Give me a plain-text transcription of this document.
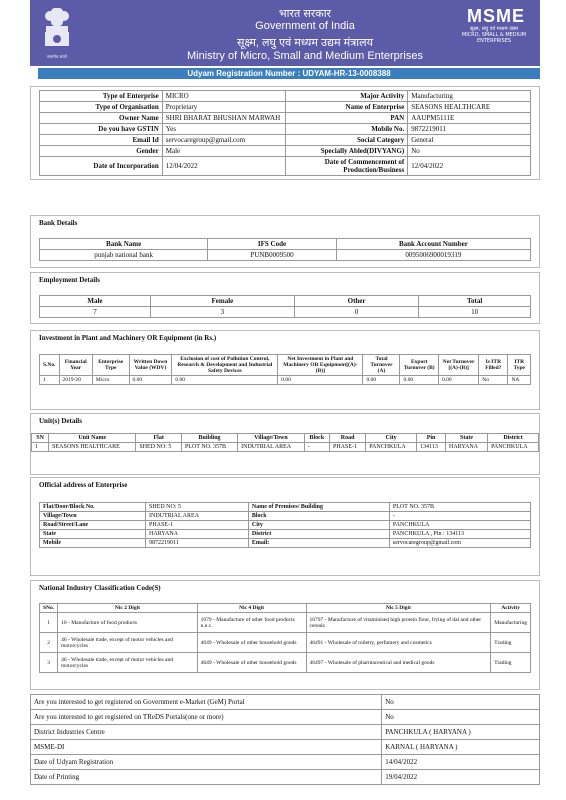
सत्यमेव जयते
भारत सरकार
Government of India
सूक्ष्म, लघु एवं मध्यम उद्यम मंत्रालय
Ministry of Micro, Small and Medium Enterprises
MSME
सूक्ष्म, लघु एवं मध्यम उद्यम
MICRO, SMALL & MEDIUM ENTERPRISES
Udyam Registration Number : UDYAM-HR-13-0008388
Type of Enterprise	MICRO	Major Activity	Manufacturing
Type of Organisation	Proprietary	Name of Enterprise	SEASONS HEALTHCARE
Owner Name	SHRI BHARAT BHUSHAN MARWAH	PAN	AAUPM5111E
Do you have GSTIN	Yes	Mobile No.	9872219011
Email Id	servocaregroup@gmail.com	Social Category	General
Gender	Male	Specially Abled(DIVYANG)	No
Date of Incorporation	12/04/2022	Date of Commencement of Production/Business	12/04/2022
Bank Details
Bank Name	IFS Code	Bank Account Number
punjab national bank	PUNB0009500	0095006900019319
Employment Details
Male	Female	Other	Total
7	3	0	10
Investment in Plant and Machinery OR Equipment (in Rs.)
S.No.	Financial Year	Enterprise Type	Written Down Value (WDV)	Exclusion of cost of Pollution Control, Research & Development and Industrial Safety Devices	Net Investment in Plant and Machinery OR Equipment[(A)-(B)]	Total Turnover (A)	Export Turnover (B)	Net Turnover [(A)-(B)]	Is ITR Filled?	ITR Type
1	2019-20	Micro	0.00	0.00	0.00	0.00	0.00	0.00	No	NA
Unit(s) Details
SN	Unit Name	Flat	Building	Village/Town	Block	Road	City	Pin	State	District
1	SEASONS HEALTHCARE	SHED NO: 5	PLOT NO. 357B	INDUTRIAL AREA	-	PHASE-1	PANCHKULA	134113	HARYANA	PANCHKULA
Official address of Enterprise
Flat/Door/Block No.	SHED NO: 5	Name of Premises/ Building	PLOT NO. 357B
Village/Town	INDUTRIAL AREA	Block	-
Road/Street/Lane	PHASE-1	City	PANCHKULA
State	HARYANA	District	PANCHKULA , Pin : 134113
Mobile	9872219011	Email:	servocaregroup@gmail.com
National Industry Classification Code(S)
SNo.	Nic 2 Digit	Nic 4 Digit	Nic 5 Digit	Activity
1	10 - Manufacture of food products	1079 - Manufacture of other food products n.e.c.	10797 - Manufacture of vitaminised high protein flour, frying of dal and other cereals	Manufacturing
2	46 - Wholesale trade, except of motor vehicles and motorcycles	4649 - Wholesale of other household goods	46491 - Wholesale of toiletry, perfumery and cosmetics	Trading
3	46 - Wholesale trade, except of motor vehicles and motorcycles	4649 - Wholesale of other household goods	46497 - Wholesale of pharmaceutical and medical goods	Trading
Are you interested to get registered on Government e-Market (GeM) Portal	No
Are you interested to get registered on TReDS Portals(one or more)	No
District Industries Centre	PANCHKULA ( HARYANA )
MSME-DI	KARNAL ( HARYANA )
Date of Udyam Registration	14/04/2022
Date of Printing	19/04/2022
